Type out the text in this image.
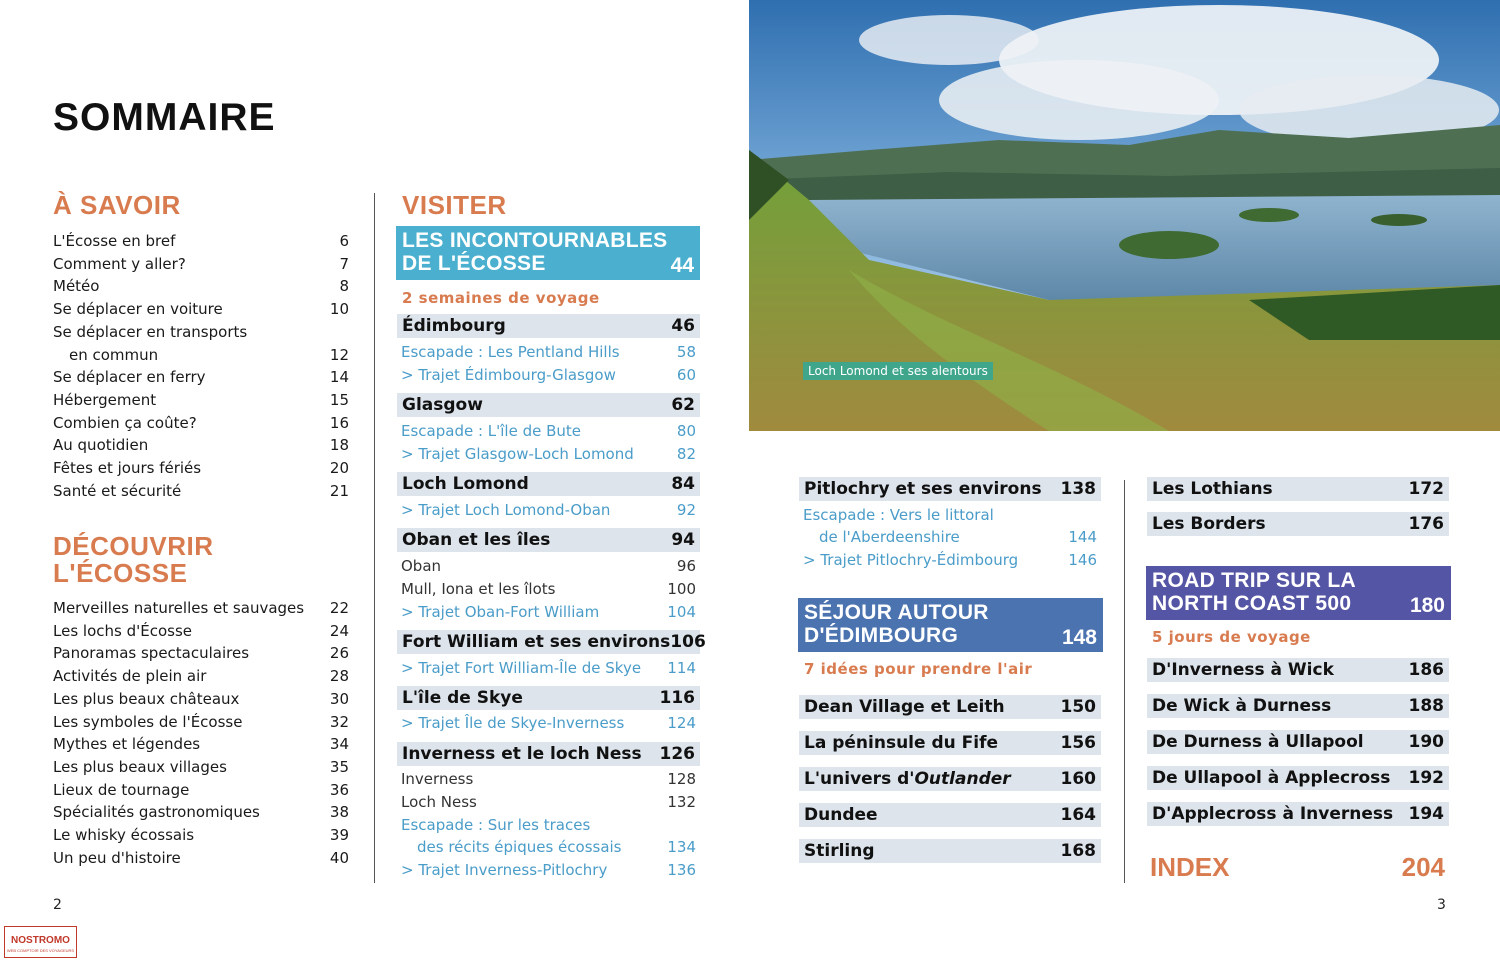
SOMMAIRE
À SAVOIR
L'Écosse en bref	6
Comment y aller?	7
Météo	8
Se déplacer en voiture	10
Se déplacer en transports
en commun	12
Se déplacer en ferry	14
Hébergement	15
Combien ça coûte?	16
Au quotidien	18
Fêtes et jours fériés	20
Santé et sécurité	21
DÉCOUVRIR
L'ÉCOSSE
Merveilles naturelles et sauvages 22
Les lochs d'Écosse	24
Panoramas spectaculaires	26
Activités de plein air	28
Les plus beaux châteaux	30
Les symboles de l'Écosse	32
Mythes et légendes	34
Les plus beaux villages	35
Lieux de tournage	36
Spécialités gastronomiques	38
Le whisky écossais	39
Un peu d'histoire	40
VISITER
LES INCONTOURNABLES
DE L'ÉCOSSE	44
2 semaines de voyage
Édimbourg	46
Escapade : Les Pentland Hills	58
> Trajet Édimbourg-Glasgow	60
Glasgow	62
Escapade : L'île de Bute	80
> Trajet Glasgow-Loch Lomond	82
Loch Lomond	84
> Trajet Loch Lomond-Oban	92
Oban et les îles	94
Oban	96
Mull, Iona et les îlots	100
> Trajet Oban-Fort William	104
Fort William et ses environs 106
> Trajet Fort William-Île de Skye 114
L'île de Skye	116
> Trajet Île de Skye-Inverness	124
Inverness et le loch Ness 126
Inverness	128
Loch Ness	132
Escapade : Sur les traces
des récits épiques écossais	134
> Trajet Inverness-Pitlochry	136
Loch Lomond et ses alentours
Pitlochry et ses environs 138
Escapade : Vers le littoral
de l'Aberdeenshire	144
> Trajet Pitlochry-Édimbourg	146
SÉJOUR AUTOUR
D'ÉDIMBOURG	148
7 idées pour prendre l'air
Dean Village et Leith	150
La péninsule du Fife	156
L'univers d'Outlander	160
Dundee	164
Stirling	168
Les Lothians	172
Les Borders	176
ROAD TRIP SUR LA
NORTH COAST 500	180
5 jours de voyage
D'Inverness à Wick	186
De Wick à Durness	188
De Durness à Ullapool	190
De Ullapool à Applecross 192
D'Applecross à Inverness 194
INDEX	204
2	3
NOSTROMO
WEB COMPTOIR DES VOYAGEURS
